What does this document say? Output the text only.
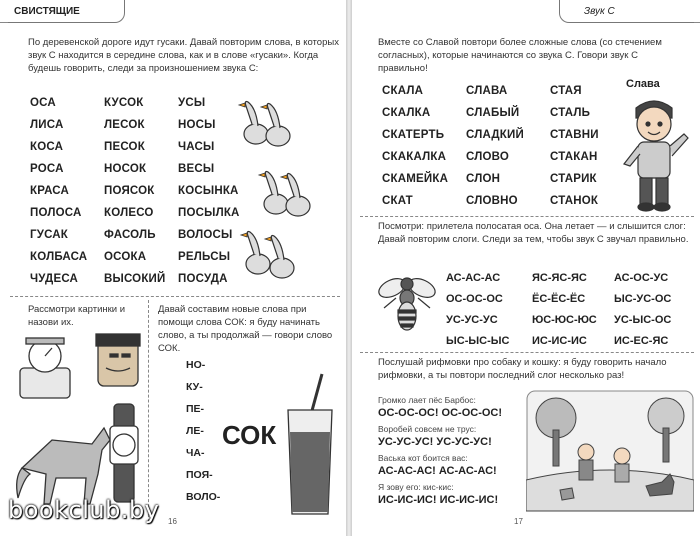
СВИСТЯЩИЕ
По деревенской дороге идут гусаки. Давай повторим слова, в которых звук С находится в середине слова, как и в слове «гусаки». Когда будешь говорить, следи за произношением звука С:
ОСА
ЛИСА
КОСА
РОСА
КРАСА
ПОЛОСА
ГУСАК
КОЛБАСА
ЧУДЕСА
КУСОК
ЛЕСОК
ПЕСОК
НОСОК
ПОЯСОК
КОЛЕСО
ФАСОЛЬ
ОСОКА
ВЫСОКИЙ
УСЫ
НОСЫ
ЧАСЫ
ВЕСЫ
КОСЫНКА
ПОСЫЛКА
ВОЛОСЫ
РЕЛЬСЫ
ПОСУДА
Рассмотри картинки и назови их.
Давай составим новые слова при помощи слова СОК: я буду начинать слово, а ты продолжай — говори слово СОК.
НО-
КУ-
ПЕ-
ЛЕ-
ЧА-
ПОЯ-
ВОЛО-
СОК
16
bookclub.by
Звук С
Вместе со Славой повтори более сложные слова (со стечением согласных), которые начинаются со звука С. Говори звук С правильно!
СКАЛА
СКАЛКА
СКАТЕРТЬ
СКАКАЛКА
СКАМЕЙКА
СКАТ
СЛАВА
СЛАБЫЙ
СЛАДКИЙ
СЛОВО
СЛОН
СЛОВНО
СТАЯ
СТАЛЬ
СТАВНИ
СТАКАН
СТАРИК
СТАНОК
Слава
Посмотри: прилетела полосатая оса. Она летает — и слышится слог: Давай повторим слоги. Следи за тем, чтобы звук С звучал правильно.
АС-АС-АС
ОС-ОС-ОС
УС-УС-УС
ЫС-ЫС-ЫС
ЯС-ЯС-ЯС
ЁС-ЁС-ЁС
ЮС-ЮС-ЮС
ИС-ИС-ИС
АС-ОС-УС
ЫС-УС-ОС
УС-ЫС-ОС
ИС-ЕС-ЯС
Послушай рифмовки про собаку и кошку: я буду говорить начало рифмовки, а ты повтори последний слог несколько раз!
Громко лает пёс Барбос:
ОС-ОС-ОС! ОС-ОС-ОС!
Воробей совсем не трус:
УС-УС-УС! УС-УС-УС!
Васька кот боится вас:
АС-АС-АС! АС-АС-АС!
Я зову его: кис-кис:
ИС-ИС-ИС! ИС-ИС-ИС!
17
